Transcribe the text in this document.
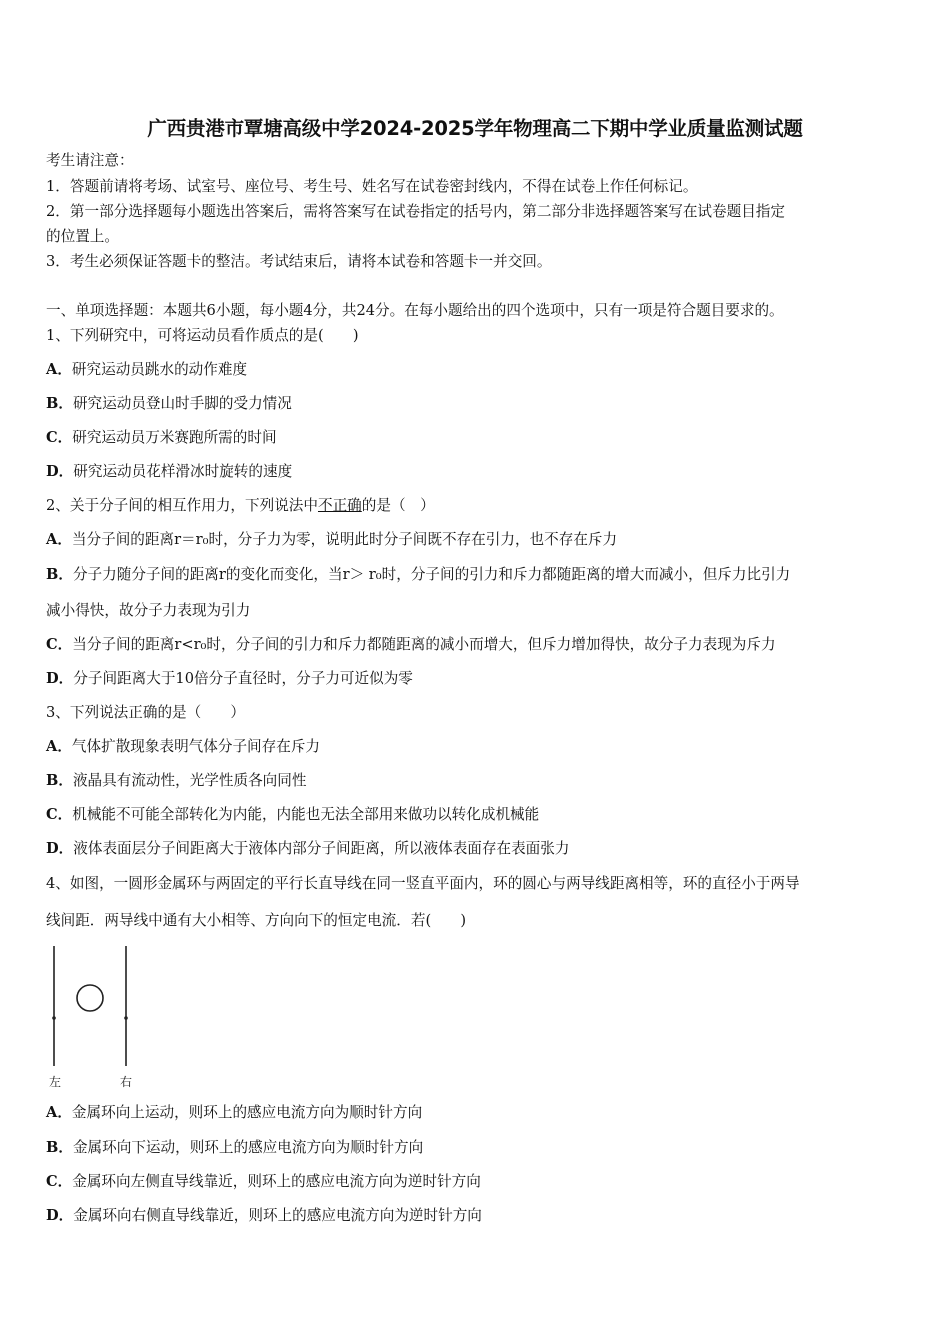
广西贵港市覃塘高级中学2024-2025学年物理高二下期中学业质量监测试题
考生请注意：
1．答题前请将考场、试室号、座位号、考生号、姓名写在试卷密封线内，不得在试卷上作任何标记。
2．第一部分选择题每小题选出答案后，需将答案写在试卷指定的括号内，第二部分非选择题答案写在试卷题目指定
的位置上。
3．考生必须保证答题卡的整洁。考试结束后，请将本试卷和答题卡一并交回。
一、单项选择题：本题共6小题，每小题4分，共24分。在每小题给出的四个选项中，只有一项是符合题目要求的。
1、下列研究中，可将运动员看作质点的是(　　)
A．研究运动员跳水的动作难度
B．研究运动员登山时手脚的受力情况
C．研究运动员万米赛跑所需的时间
D．研究运动员花样滑冰时旋转的速度
2、关于分子间的相互作用力，下列说法中不正确的是（　）
A．当分子间的距离r＝r₀时，分子力为零，说明此时分子间既不存在引力，也不存在斥力
B．分子力随分子间的距离r的变化而变化，当r＞ r₀时，分子间的引力和斥力都随距离的增大而减小，但斥力比引力
减小得快，故分子力表现为引力
C．当分子间的距离r<r₀时，分子间的引力和斥力都随距离的减小而增大，但斥力增加得快，故分子力表现为斥力
D．分子间距离大于10倍分子直径时，分子力可近似为零
3、下列说法正确的是（　　）
A．气体扩散现象表明气体分子间存在斥力
B．液晶具有流动性，光学性质各向同性
C．机械能不可能全部转化为内能，内能也无法全部用来做功以转化成机械能
D．液体表面层分子间距离大于液体内部分子间距离，所以液体表面存在表面张力
4、如图，一圆形金属环与两固定的平行长直导线在同一竖直平面内，环的圆心与两导线距离相等，环的直径小于两导
线间距．两导线中通有大小相等、方向向下的恒定电流．若(　　)
左	右
A．金属环向上运动，则环上的感应电流方向为顺时针方向
B．金属环向下运动，则环上的感应电流方向为顺时针方向
C．金属环向左侧直导线靠近，则环上的感应电流方向为逆时针方向
D．金属环向右侧直导线靠近，则环上的感应电流方向为逆时针方向
